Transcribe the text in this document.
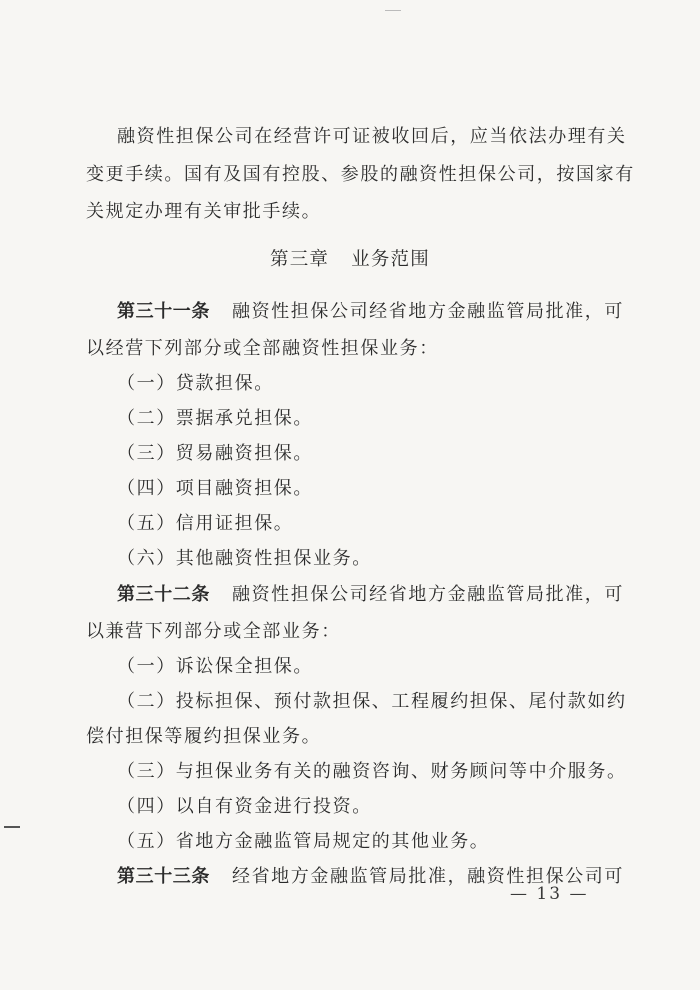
融资性担保公司在经营许可证被收回后，应当依法办理有关
变更手续。国有及国有控股、参股的融资性担保公司，按国家有
关规定办理有关审批手续。
第三章 业务范围
第三十一条 融资性担保公司经省地方金融监管局批准，可
以经营下列部分或全部融资性担保业务：
（一）贷款担保。
（二）票据承兑担保。
（三）贸易融资担保。
（四）项目融资担保。
（五）信用证担保。
（六）其他融资性担保业务。
第三十二条 融资性担保公司经省地方金融监管局批准，可
以兼营下列部分或全部业务：
（一）诉讼保全担保。
（二）投标担保、预付款担保、工程履约担保、尾付款如约
偿付担保等履约担保业务。
（三）与担保业务有关的融资咨询、财务顾问等中介服务。
（四）以自有资金进行投资。
（五）省地方金融监管局规定的其他业务。
第三十三条 经省地方金融监管局批准，融资性担保公司可
— 13 —
